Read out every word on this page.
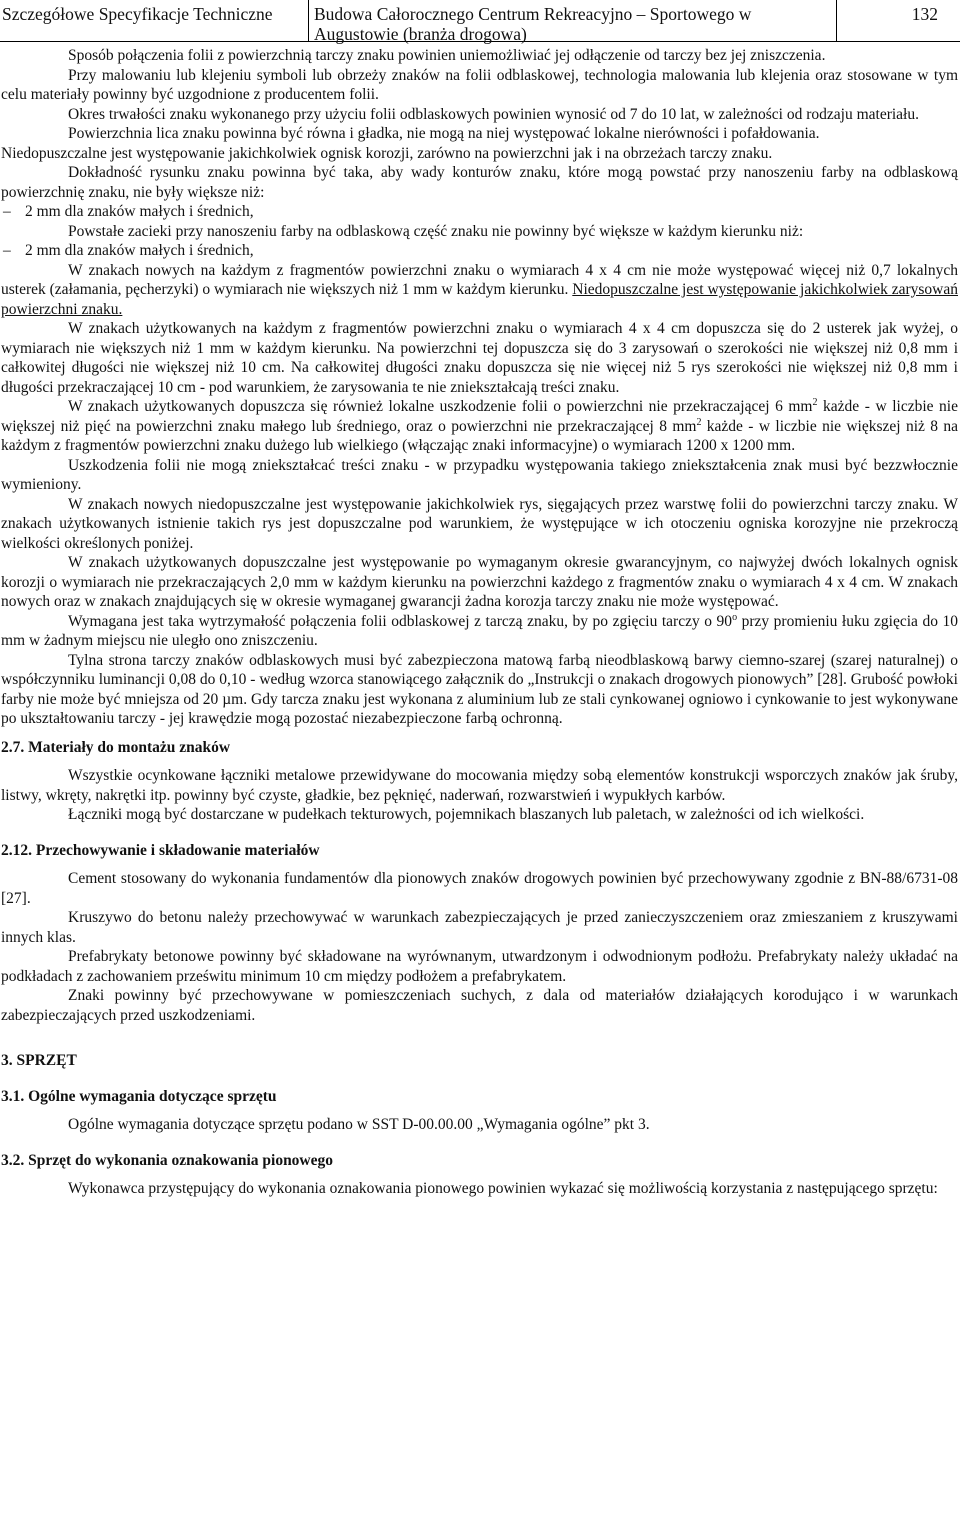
Szczegółowe Specyfikacje Techniczne Budowa Całorocznego Centrum Rekreacyjno – Sportowego w Augustowie (branża drogowa)
132

Sposób połączenia folii z powierzchnią tarczy znaku powinien uniemożliwiać jej odłączenie od tarczy bez jej zniszczenia.

Przy malowaniu lub klejeniu symboli lub obrzeży znaków na folii odblaskowej, technologia malowania lub klejenia oraz stosowane w tym celu materiały powinny być uzgodnione z producentem folii.

Okres trwałości znaku wykonanego przy użyciu folii odblaskowych powinien wynosić od 7 do 10 lat, w zależności od rodzaju materiału.

Powierzchnia lica znaku powinna być równa i gładka, nie mogą na niej występować lokalne nierówności i pofałdowania.

Niedopuszczalne jest występowanie jakichkolwiek ognisk korozji, zarówno na powierzchni jak i na obrzeżach tarczy znaku.

Dokładność rysunku znaku powinna być taka, aby wady konturów znaku, które mogą powstać przy nanoszeniu farby na odblaskową powierzchnię znaku, nie były większe niż:

– 2 mm dla znaków małych i średnich,

Powstałe zacieki przy nanoszeniu farby na odblaskową część znaku nie powinny być większe w każdym kierunku niż:

– 2 mm dla znaków małych i średnich,

W znakach nowych na każdym z fragmentów powierzchni znaku o wymiarach 4 x 4 cm nie może występować więcej niż 0,7 lokalnych usterek (załamania, pęcherzyki) o wymiarach nie większych niż 1 mm w każdym kierunku. Niedopuszczalne jest występowanie jakichkolwiek zarysowań powierzchni znaku.

W znakach użytkowanych na każdym z fragmentów powierzchni znaku o wymiarach 4 x 4 cm dopuszcza się do 2 usterek jak wyżej, o wymiarach nie większych niż 1 mm w każdym kierunku. Na powierzchni tej dopuszcza się do 3 zarysowań o szerokości nie większej niż 0,8 mm i całkowitej długości nie większej niż 10 cm. Na całkowitej długości znaku dopuszcza się nie więcej niż 5 rys szerokości nie większej niż 0,8 mm i długości przekraczającej 10 cm - pod warunkiem, że zarysowania te nie zniekształcają treści znaku.

W znakach użytkowanych dopuszcza się również lokalne uszkodzenie folii o powierzchni nie przekraczającej 6 $mm^2$ każde - w liczbie nie większej niż pięć na powierzchni znaku małego lub średniego, oraz o powierzchni nie przekraczającej 8 $mm^2$ każde - w liczbie nie większej niż 8 na każdym z fragmentów powierzchni znaku dużego lub wielkiego (włączając znaki informacyjne) o wymiarach 1200 x 1200 mm.

Uszkodzenia folii nie mogą zniekształcać treści znaku - w przypadku występowania takiego zniekształcenia znak musi być bezzwłocznie wymieniony.

W znakach nowych niedopuszczalne jest występowanie jakichkolwiek rys, sięgających przez warstwę folii do powierzchni tarczy znaku. W znakach użytkowanych istnienie takich rys jest dopuszczalne pod warunkiem, że występujące w ich otoczeniu ogniska korozyjne nie przekroczą wielkości określonych poniżej.

W znakach użytkowanych dopuszczalne jest występowanie po wymaganym okresie gwarancyjnym, co najwyżej dwóch lokalnych ognisk korozji o wymiarach nie przekraczających 2,0 mm w każdym kierunku na powierzchni każdego z fragmentów znaku o wymiarach 4 x 4 cm. W znakach nowych oraz w znakach znajdujących się w okresie wymaganej gwarancji żadna korozja tarczy znaku nie może występować.

Wymagana jest taka wytrzymałość połączenia folii odblaskowej z tarczą znaku, by po zgięciu tarczy o 90$^o$ przy promieniu łuku zgięcia do 10 mm w żadnym miejscu nie uległo ono zniszczeniu.

Tylna strona tarczy znaków odblaskowych musi być zabezpieczona matową farbą nieodblaskową barwy ciemno-szarej (szarej naturalnej) o współczynniku luminancji 0,08 do 0,10 - według wzorca stanowiącego załącznik do „Instrukcji o znakach drogowych pionowych” [28]. Grubość powłoki farby nie może być mniejsza od 20 µm. Gdy tarcza znaku jest wykonana z aluminium lub ze stali cynkowanej ogniowo i cynkowanie to jest wykonywane po ukształtowaniu tarczy - jej krawędzie mogą pozostać niezabezpieczone farbą ochronną.

2.7. Materiały do montażu znaków

Wszystkie ocynkowane łączniki metalowe przewidywane do mocowania między sobą elementów konstrukcji wsporczych znaków jak śruby, listwy, wkręty, nakrętki itp. powinny być czyste, gładkie, bez pęknięć, naderwań, rozwarstwień i wypukłych karbów.

Łączniki mogą być dostarczane w pudełkach tekturowych, pojemnikach blaszanych lub paletach, w zależności od ich wielkości.

2.12. Przechowywanie i składowanie materiałów

Cement stosowany do wykonania fundamentów dla pionowych znaków drogowych powinien być przechowywany zgodnie z BN-88/6731-08 [27].

Kruszywo do betonu należy przechowywać w warunkach zabezpieczających je przed zanieczyszczeniem oraz zmieszaniem z kruszywami innych klas.

Prefabrykaty betonowe powinny być składowane na wyrównanym, utwardzonym i odwodnionym podłożu. Prefabrykaty należy układać na podkładach z zachowaniem prześwitu minimum 10 cm między podłożem a prefabrykatem.

Znaki powinny być przechowywane w pomieszczeniach suchych, z dala od materiałów działających korodująco i w warunkach zabezpieczających przed uszkodzeniami.

3. SPRZĘT

3.1. Ogólne wymagania dotyczące sprzętu

Ogólne wymagania dotyczące sprzętu podano w SST D-00.00.00 „Wymagania ogólne” pkt 3.

3.2. Sprzęt do wykonania oznakowania pionowego

Wykonawca przystępujący do wykonania oznakowania pionowego powinien wykazać się możliwością korzystania z następującego sprzętu:
